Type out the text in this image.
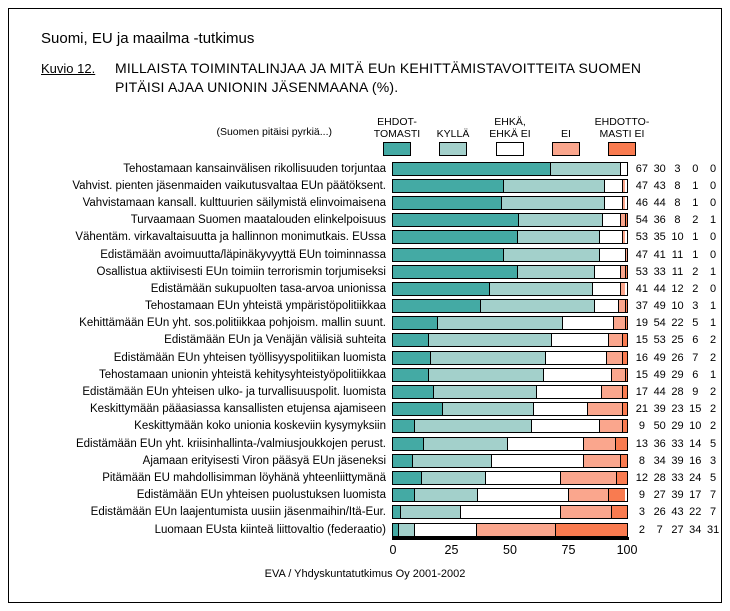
Suomi, EU ja maailma -tutkimus
Kuvio 12. MILLAISTA TOIMINTALINJAA JA MITÄ EUn KEHITTÄMISTAVOITTEITA SUOMEN
PITÄISI AJAA UNIONIN JÄSENMAANA (%).
(Suomen pitäisi pyrkiä...)
EHDOT-
TOMASTI KYLLÄ
EHKÄ,
EHKÄ EI	EI
EHDOTTO-
MASTI EI
Tehostamaan kansainvälisen rikollisuuden torjuntaa	67 30 3	0	0
Vahvist. pienten jäsenmaiden vaikutusvaltaa EUn päätöksent.	47 43 8	1	0
Vahvistamaan kansall. kulttuurien säilymistä elinvoimaisena	46 44 8	1	0
Turvaamaan Suomen maatalouden elinkelpoisuus	54 36 8	2	1
Vähentäm. virkavaltaisuutta ja hallinnon monimutkais. EUssa	53 35 10 1	0
Edistämään avoimuutta/läpinäkyvyyttä EUn toiminnassa	47 41 11 1	0
Osallistua aktiivisesti EUn toimiin terrorismin torjumiseksi	53 33 11 2	1
Edistämään sukupuolten tasa-arvoa unionissa	41 44 12 2	0
Tehostamaan EUn yhteistä ympäristöpolitiikkaa	37 49 10 3	1
Kehittämään EUn yht. sos.politiikkaa pohjoism. mallin suunt.	19 54 22 5	1
Edistämään EUn ja Venäjän välisiä suhteita	15 53 25 6	2
Edistämään EUn yhteisen työllisyyspolitiikan luomista	16 49 26 7	2
Tehostamaan unionin yhteistä kehitysyhteistyöpolitiikkaa	15 49 29 6	1
Edistämään EUn yhteisen ulko- ja turvallisuuspolit. luomista	17 44 28 9	2
Keskittymään pääasiassa kansallisten etujensa ajamiseen	21 39 23 15 2
Keskittymään koko unionia koskeviin kysymyksiin	9 50 29 10 2
Edistämään EUn yht. kriisinhallinta-/valmiusjoukkojen perust.	13 36 33 14 5
Ajamaan erityisesti Viron pääsyä EUn jäseneksi	8 34 39 16 3
Pitämään EU mahdollisimman löyhänä yhteenliittymänä	12 28 33 24 5
Edistämään EUn yhteisen puolustuksen luomista	9 27 39 17 7
Edistämään EUn laajentumista uusiin jäsenmaihin/Itä-Eur.	3 26 43 22 7
Luomaan EUsta kiinteä liittovaltio (federaatio)	2	7 27 34 31
0	25	50	75	100
EVA / Yhdyskuntatutkimus Oy 2001-2002
